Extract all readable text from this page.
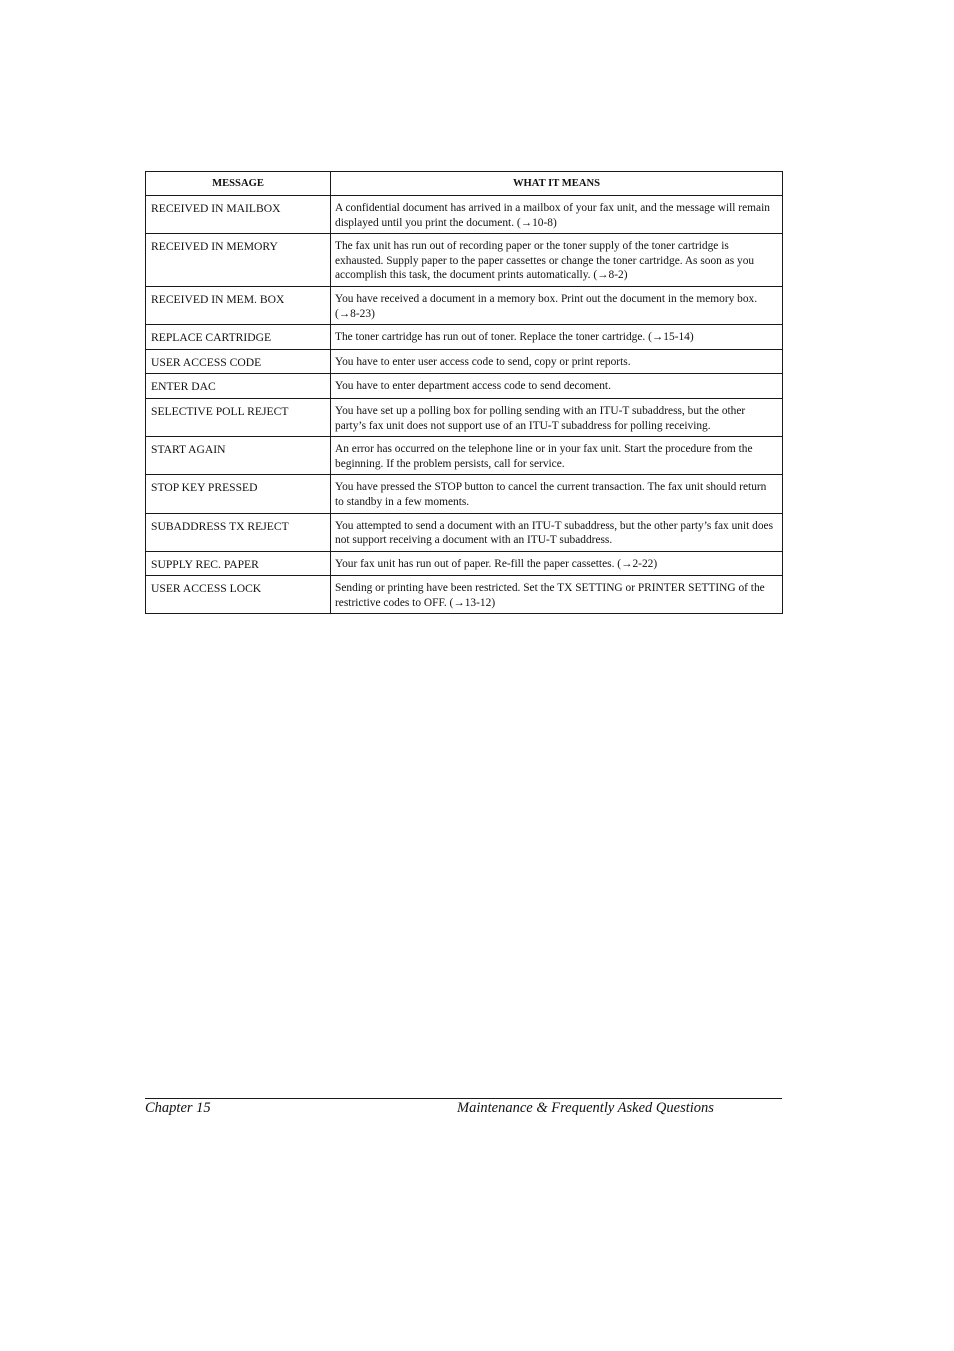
MESSAGE	WHAT IT MEANS
RECEIVED IN MAILBOX	A confidential document has arrived in a mailbox of your fax unit, and the message will remain displayed until you print the document. (→10-8)
RECEIVED IN MEMORY	The fax unit has run out of recording paper or the toner supply of the toner cartridge is exhausted. Supply paper to the paper cassettes or change the toner cartridge. As soon as you accomplish this task, the document prints automatically. (→8-2)
RECEIVED IN MEM. BOX	You have received a document in a memory box. Print out the document in the memory box. (→8-23)
REPLACE CARTRIDGE	The toner cartridge has run out of toner. Replace the toner cartridge. (→15-14)
USER ACCESS CODE	You have to enter user access code to send, copy or print reports.
ENTER DAC	You have to enter department access code to send decoment.
SELECTIVE POLL REJECT	You have set up a polling box for polling sending with an ITU-T subaddress, but the other party’s fax unit does not support use of an ITU-T subaddress for polling receiving.
START AGAIN	An error has occurred on the telephone line or in your fax unit. Start the procedure from the beginning. If the problem persists, call for service.
STOP KEY PRESSED	You have pressed the STOP button to cancel the current transaction. The fax unit should return to standby in a few moments.
SUBADDRESS TX REJECT	You attempted to send a document with an ITU-T subaddress, but the other party’s fax unit does not support receiving a document with an ITU-T subaddress.
SUPPLY REC. PAPER	Your fax unit has run out of paper. Re-fill the paper cassettes. (→2-22)
USER ACCESS LOCK	Sending or printing have been restricted. Set the TX SETTING or PRINTER SETTING of the restrictive codes to OFF. (→13-12)
Chapter 15	Maintenance & Frequently Asked Questions
